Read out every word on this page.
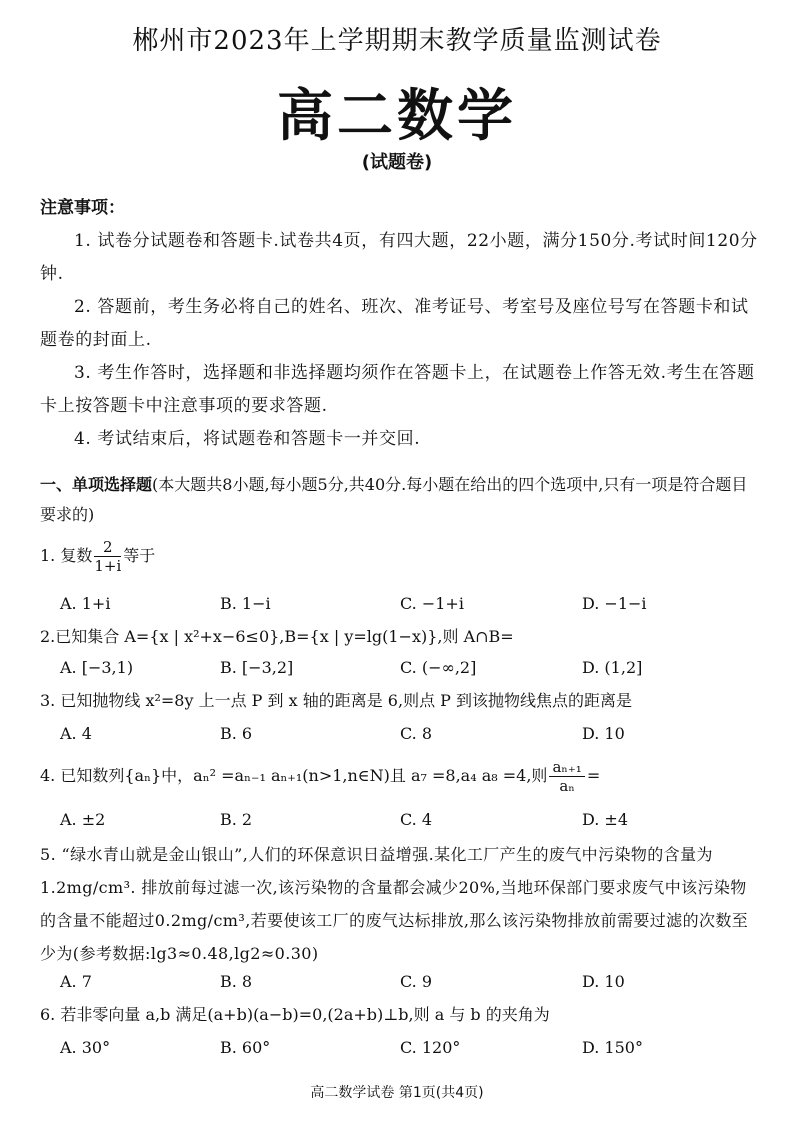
郴州市2023年上学期期末教学质量监测试卷
高二数学
(试题卷)
注意事项：
1. 试卷分试题卷和答题卡.试卷共4页，有四大题，22小题，满分150分.考试时间120分钟.
2. 答题前，考生务必将自己的姓名、班次、准考证号、考室号及座位号写在答题卡和试题卷的封面上.
3. 考生作答时，选择题和非选择题均须作在答题卡上，在试题卷上作答无效.考生在答题卡上按答题卡中注意事项的要求答题.
4. 考试结束后，将试题卷和答题卡一并交回.
一、单项选择题(本大题共8小题,每小题5分,共40分.每小题在给出的四个选项中,只有一项是符合题目要求的)
1. 复数 $\frac{2}{1+i}$ 等于
A. 1+i	B. 1−i	C. −1+i	D. −1−i
2.已知集合 A={x | x²+x−6≤0},B={x | y=lg(1−x)},则 A∩B=
A. [−3,1)	B. [−3,2]	C. (−∞,2]	D. (1,2]
3. 已知抛物线 x²=8y 上一点 P 到 x 轴的距离是 6,则点 P 到该抛物线焦点的距离是
A. 4	B. 6	C. 8	D. 10
4. 已知数列{aₙ}中，aₙ² =aₙ₋₁ aₙ₊₁(n>1,n∈N)且 a₇ =8,a₄ a₈ =4,则 $\frac{\text{aₙ₊₁}}{\text{aₙ}}$ =
A. ±2	B. 2	C. 4	D. ±4
5. “绿水青山就是金山银山”,人们的环保意识日益增强.某化工厂产生的废气中污染物的含量为1.2mg/cm³. 排放前每过滤一次,该污染物的含量都会减少20%,当地环保部门要求废气中该污染物的含量不能超过0.2mg/cm³,若要使该工厂的废气达标排放,那么该污染物排放前需要过滤的次数至少为(参考数据:lg3≈0.48,lg2≈0.30)
A. 7	B. 8	C. 9	D. 10
6. 若非零向量 a,b 满足(a+b)(a−b)=0,(2a+b)⊥b,则 a 与 b 的夹角为
A. 30°	B. 60°	C. 120°	D. 150°
高二数学试卷 第1页(共4页)
